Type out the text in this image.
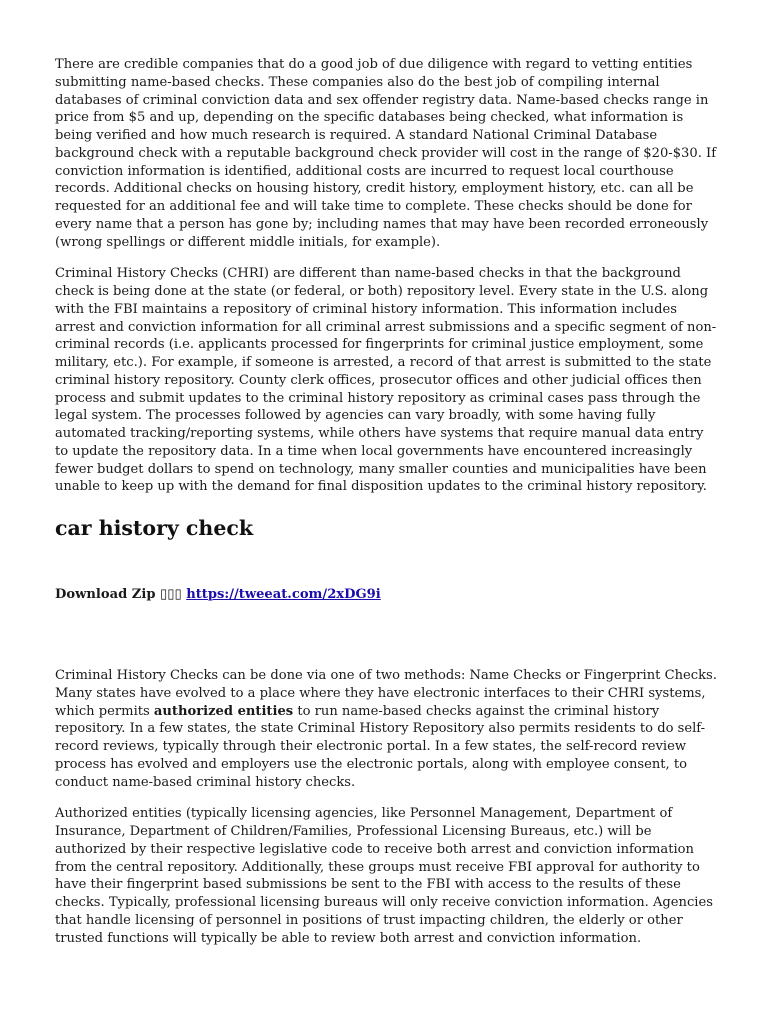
There are credible companies that do a good job of due diligence with regard to vetting entities submitting name-based checks. These companies also do the best job of compiling internal databases of criminal conviction data and sex offender registry data. Name-based checks range in price from $5 and up, depending on the specific databases being checked, what information is being verified and how much research is required. A standard National Criminal Database background check with a reputable background check provider will cost in the range of $20-$30. If conviction information is identified, additional costs are incurred to request local courthouse records. Additional checks on housing history, credit history, employment history, etc. can all be requested for an additional fee and will take time to complete. These checks should be done for every name that a person has gone by; including names that may have been recorded erroneously (wrong spellings or different middle initials, for example).

Criminal History Checks (CHRI) are different than name-based checks in that the background check is being done at the state (or federal, or both) repository level. Every state in the U.S. along with the FBI maintains a repository of criminal history information. This information includes arrest and conviction information for all criminal arrest submissions and a specific segment of non-criminal records (i.e. applicants processed for fingerprints for criminal justice employment, some military, etc.). For example, if someone is arrested, a record of that arrest is submitted to the state criminal history repository. County clerk offices, prosecutor offices and other judicial offices then process and submit updates to the criminal history repository as criminal cases pass through the legal system. The processes followed by agencies can vary broadly, with some having fully automated tracking/reporting systems, while others have systems that require manual data entry to update the repository data. In a time when local governments have encountered increasingly fewer budget dollars to spend on technology, many smaller counties and municipalities have been unable to keep up with the demand for final disposition updates to the criminal history repository.

car history check
Download Zip ▯▯▯ https://tweeat.com/2xDG9i

Criminal History Checks can be done via one of two methods: Name Checks or Fingerprint Checks. Many states have evolved to a place where they have electronic interfaces to their CHRI systems, which permits authorized entities to run name-based checks against the criminal history repository. In a few states, the state Criminal History Repository also permits residents to do self-record reviews, typically through their electronic portal. In a few states, the self-record review process has evolved and employers use the electronic portals, along with employee consent, to conduct name-based criminal history checks.

Authorized entities (typically licensing agencies, like Personnel Management, Department of Insurance, Department of Children/Families, Professional Licensing Bureaus, etc.) will be authorized by their respective legislative code to receive both arrest and conviction information from the central repository. Additionally, these groups must receive FBI approval for authority to have their fingerprint based submissions be sent to the FBI with access to the results of these checks. Typically, professional licensing bureaus will only receive conviction information. Agencies that handle licensing of personnel in positions of trust impacting children, the elderly or other trusted functions will typically be able to review both arrest and conviction information.
